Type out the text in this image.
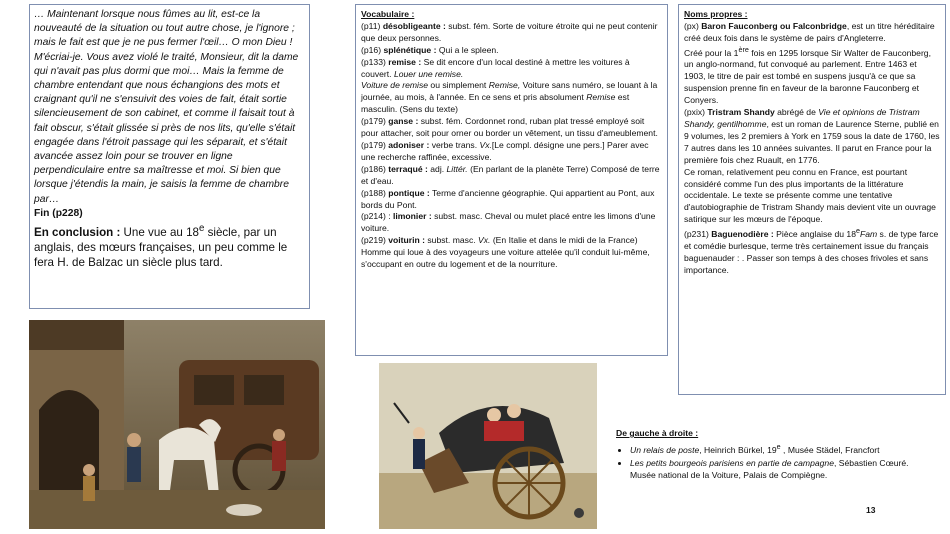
… Maintenant lorsque nous fûmes au lit, est-ce la nouveauté de la situation ou tout autre chose, je l'ignore ; mais le fait est que je ne pus fermer l'œil… O mon Dieu ! M'écriai-je. Vous avez violé le traité, Monsieur, dit la dame qui n'avait pas plus dormi que moi… Mais la femme de chambre entendant que nous échangions des mots et craignant qu'il ne s'ensuivit des voies de fait, était sortie silencieusement de son cabinet, et comme il faisait tout à fait obscur, s'était glissée si près de nos lits, qu'elle s'était engagée dans l'étroit passage qui les séparait, et s'était avancée assez loin pour se trouver en ligne perpendiculaire entre sa maîtresse et moi. Si bien que lorsque j'étendis la main, je saisis la femme de chambre par…

Fin (p228)

En conclusion : Une vue au 18e siècle, par un anglais, des mœurs françaises, un peu comme le fera H. de Balzac un siècle plus tard.

Vocabulaire :

(p11) désobligeante : subst. fém. Sorte de voiture étroite qui ne peut contenir que deux personnes.

(p16) splénétique : Qui a le spleen.

(p133) remise : Se dit encore d'un local destiné à mettre les voitures à couvert. Louer une remise.

Voiture de remise ou simplement Remise, Voiture sans numéro, se louant à la journée, au mois, à l'année. En ce sens et pris absolument Remise est masculin. (Sens du texte)

(p179) ganse : subst. fém. Cordonnet rond, ruban plat tressé employé soit pour attacher, soit pour orner ou border un vêtement, un tissu d'ameublement.

(p179) adoniser : verbe trans. Vx.[Le compl. désigne une pers.] Parer avec une recherche raffinée, excessive.

(p186) terraqué : adj. Littér. (En parlant de la planète Terre) Composé de terre et d'eau.

(p188) pontique : Terme d'ancienne géographie. Qui appartient au Pont, aux bords du Pont.

(p214) : limonier : subst. masc. Cheval ou mulet placé entre les limons d'une voiture.

(p219) voiturin : subst. masc. Vx. (En Italie et dans le midi de la France) Homme qui loue à des voyageurs une voiture attelée qu'il conduit lui-même, s'occupant en outre du logement et de la nourriture.

Noms propres :

(px) Baron Fauconberg ou Falconbridge, est un titre héréditaire créé deux fois dans le système de pairs d'Angleterre.

Créé pour la 1ère fois en 1295 lorsque Sir Walter de Fauconberg, un anglo-normand, fut convoqué au parlement. Entre 1463 et 1903, le titre de pair est tombé en suspens jusqu'à ce que sa suspension prenne fin en faveur de la baronne Fauconberg et Conyers.

(pxix) Tristram Shandy abrégé de Vie et opinions de Tristram Shandy, gentilhomme, est un roman de Laurence Sterne, publié en 9 volumes, les 2 premiers à York en 1759 sous la date de 1760, les 7 autres dans les 10 années suivantes. Il parut en France pour la première fois chez Ruault, en 1776.

Ce roman, relativement peu connu en France, est pourtant considéré comme l'un des plus importants de la littérature occidentale. Le texte se présente comme une tentative d'autobiographie de Tristram Shandy mais devient vite un ouvrage satirique sur les mœurs de l'époque.

(p231) Baguenodière : Pièce anglaise du 18eFam s. de type farce et comédie burlesque, terme très certainement issue du français baguenauder : . Passer son temps à des choses frivoles et sans importance.

De gauche à droite :
• Un relais de poste, Heinrich Bürkel, 19e , Musée Städel, Francfort
• Les petits bourgeois parisiens en partie de campagne, Sébastien Cœuré. Musée national de la Voiture, Palais de Compiègne.
13
